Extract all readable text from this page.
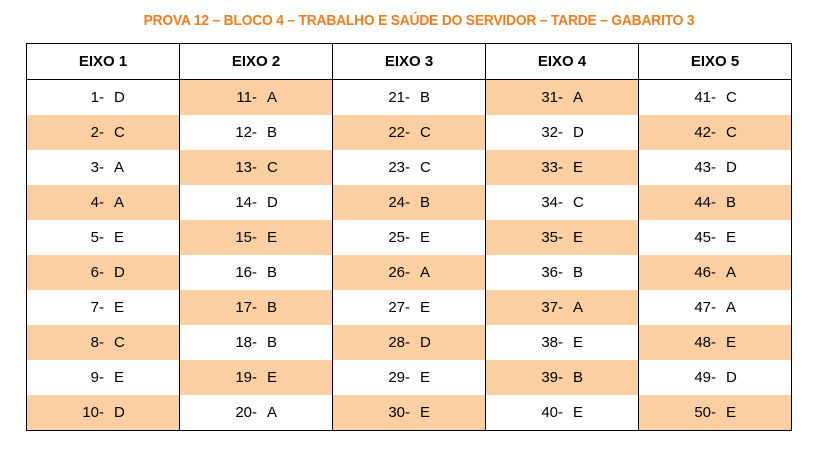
PROVA 12 – BLOCO 4 – TRABALHO E SAÚDE DO SERVIDOR – TARDE – GABARITO 3
EIXO 1	EIXO 2	EIXO 3	EIXO 4	EIXO 5

1- D	11- A	21- B	31- A	41- C

2- C	12- B	22- C	32- D	42- C

3- A	13- C	23- C	33- E	43- D

4- A	14- D	24- B	34- C	44- B

5- E	15- E	25- E	35- E	45- E

6- D	16- B	26- A	36- B	46- A

7- E	17- B	27- E	37- A	47- A

8- C	18- B	28- D	38- E	48- E

9- E	19- E	29- E	39- B	49- D

10- D	20- A	30- E	40- E	50- E
